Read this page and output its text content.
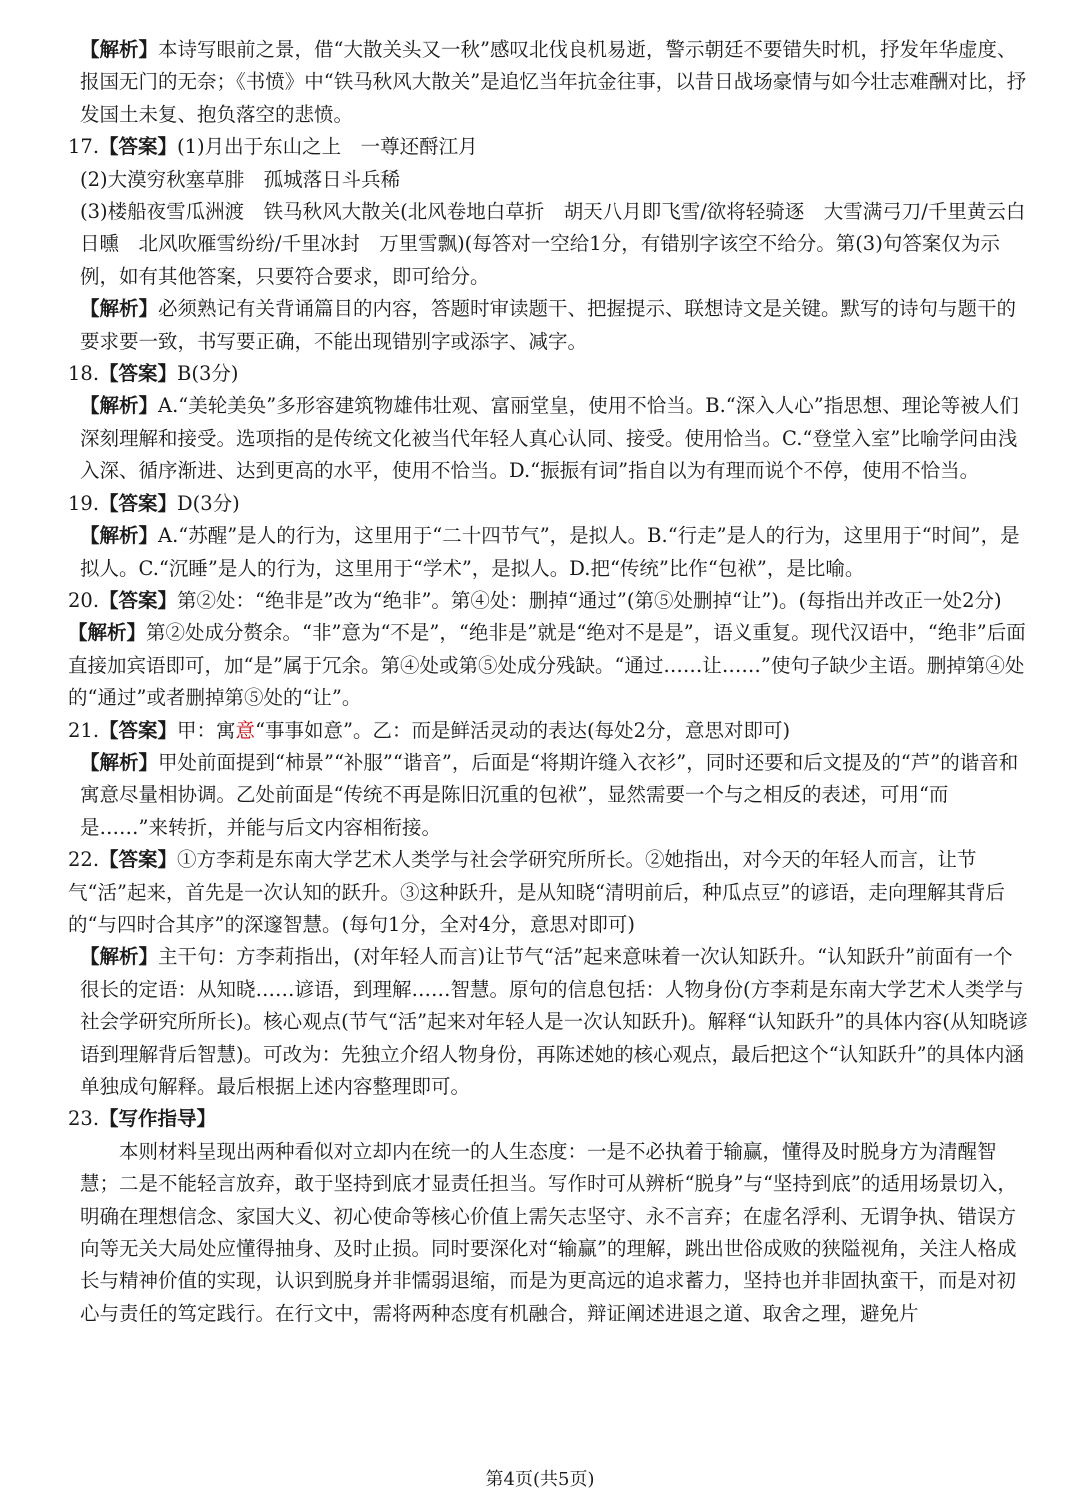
【解析】本诗写眼前之景，借“大散关头又一秋”感叹北伐良机易逝，警示朝廷不要错失时机，抒发年华虚度、报国无门的无奈；《书愤》中“铁马秋风大散关”是追忆当年抗金往事，以昔日战场豪情与如今壮志难酬对比，抒发国土未复、抱负落空的悲愤。
17.【答案】(1)月出于东山之上　一尊还酹江月
(2)大漠穷秋塞草腓　孤城落日斗兵稀
(3)楼船夜雪瓜洲渡　铁马秋风大散关(北风卷地白草折　胡天八月即飞雪/欲将轻骑逐　大雪满弓刀/千里黄云白日曛　北风吹雁雪纷纷/千里冰封　万里雪飘)(每答对一空给1分，有错别字该空不给分。第(3)句答案仅为示例，如有其他答案，只要符合要求，即可给分。
【解析】必须熟记有关背诵篇目的内容，答题时审读题干、把握提示、联想诗文是关键。默写的诗句与题干的要求要一致，书写要正确，不能出现错别字或添字、减字。
18.【答案】B(3分)
【解析】A.“美轮美奂”多形容建筑物雄伟壮观、富丽堂皇，使用不恰当。B.“深入人心”指思想、理论等被人们深刻理解和接受。选项指的是传统文化被当代年轻人真心认同、接受。使用恰当。C.“登堂入室”比喻学问由浅入深、循序渐进、达到更高的水平，使用不恰当。D.“振振有词”指自以为有理而说个不停，使用不恰当。
19.【答案】D(3分)
【解析】A.“苏醒”是人的行为，这里用于“二十四节气”，是拟人。B.“行走”是人的行为，这里用于“时间”，是拟人。C.“沉睡”是人的行为，这里用于“学术”，是拟人。D.把“传统”比作“包袱”，是比喻。
20.【答案】第②处：“绝非是”改为“绝非”。第④处：删掉“通过”(第⑤处删掉“让”)。(每指出并改正一处2分)【解析】第②处成分赘余。“非”意为“不是”，“绝非是”就是“绝对不是是”，语义重复。现代汉语中，“绝非”后面直接加宾语即可，加“是”属于冗余。第④处或第⑤处成分残缺。“通过……让……”使句子缺少主语。删掉第④处的“通过”或者删掉第⑤处的“让”。
21.【答案】甲：寓意“事事如意”。乙：而是鲜活灵动的表达(每处2分，意思对即可)
【解析】甲处前面提到“柿景”“补服”“谐音”，后面是“将期许缝入衣衫”，同时还要和后文提及的“芦”的谐音和寓意尽量相协调。乙处前面是“传统不再是陈旧沉重的包袱”，显然需要一个与之相反的表述，可用“而是……”来转折，并能与后文内容相衔接。
22.【答案】①方李莉是东南大学艺术人类学与社会学研究所所长。②她指出，对今天的年轻人而言，让节气“活”起来，首先是一次认知的跃升。③这种跃升，是从知晓“清明前后，种瓜点豆”的谚语，走向理解其背后的“与四时合其序”的深邃智慧。(每句1分，全对4分，意思对即可)
【解析】主干句：方李莉指出，(对年轻人而言)让节气“活”起来意味着一次认知跃升。“认知跃升”前面有一个很长的定语：从知晓……谚语，到理解……智慧。原句的信息包括：人物身份(方李莉是东南大学艺术人类学与社会学研究所所长)。核心观点(节气“活”起来对年轻人是一次认知跃升)。解释“认知跃升”的具体内容(从知晓谚语到理解背后智慧)。可改为：先独立介绍人物身份，再陈述她的核心观点，最后把这个“认知跃升”的具体内涵单独成句解释。最后根据上述内容整理即可。
23.【写作指导】

本则材料呈现出两种看似对立却内在统一的人生态度：一是不必执着于输赢，懂得及时脱身方为清醒智慧；二是不能轻言放弃，敢于坚持到底才显责任担当。写作时可从辨析“脱身”与“坚持到底”的适用场景切入，明确在理想信念、家国大义、初心使命等核心价值上需矢志坚守、永不言弃；在虚名浮利、无谓争执、错误方向等无关大局处应懂得抽身、及时止损。同时要深化对“输赢”的理解，跳出世俗成败的狭隘视角，关注人格成长与精神价值的实现，认识到脱身并非懦弱退缩，而是为更高远的追求蓄力，坚持也并非固执蛮干，而是对初心与责任的笃定践行。在行文中，需将两种态度有机融合，辩证阐述进退之道、取舍之理，避免片

第4页(共5页)
